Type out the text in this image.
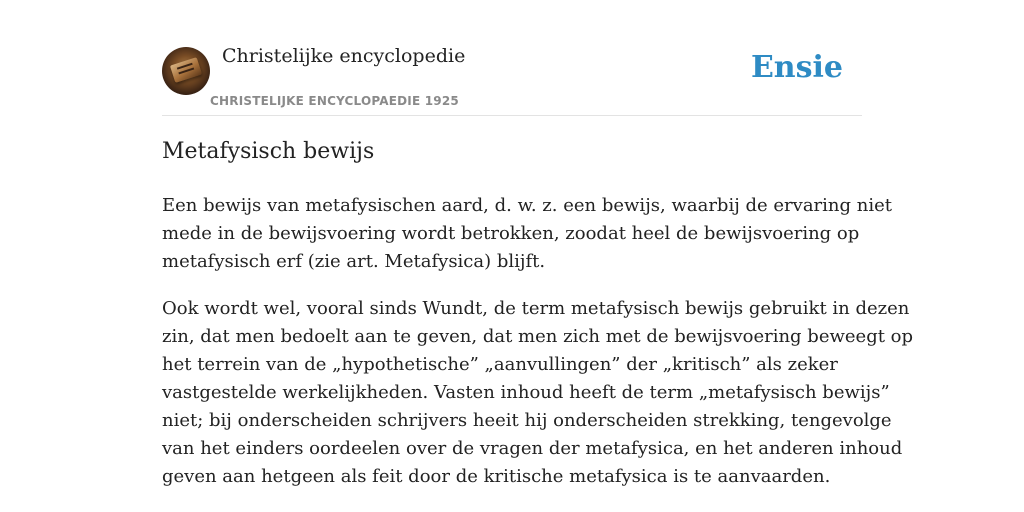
Christelijke encyclopedie
CHRISTELIJKE ENCYCLOPAEDIE 1925
Ensie
Metafysisch bewijs

Een bewijs van metafysischen aard, d. w. z. een bewijs, waarbij de ervaring niet
mede in de bewijsvoering wordt betrokken, zoodat heel de bewijsvoering op
metafysisch erf (zie art. Metafysica) blijft.

Ook wordt wel, vooral sinds Wundt, de term metafysisch bewijs gebruikt in dezen
zin, dat men bedoelt aan te geven, dat men zich met de bewijsvoering beweegt op
het terrein van de „hypothetische” „aanvullingen” der „kritisch” als zeker
vastgestelde werkelijkheden. Vasten inhoud heeft de term „metafysisch bewijs”
niet; bij onderscheiden schrijvers heeit hij onderscheiden strekking, tengevolge
van het einders oordeelen over de vragen der metafysica, en het anderen inhoud
geven aan hetgeen als feit door de kritische metafysica is te aanvaarden.
